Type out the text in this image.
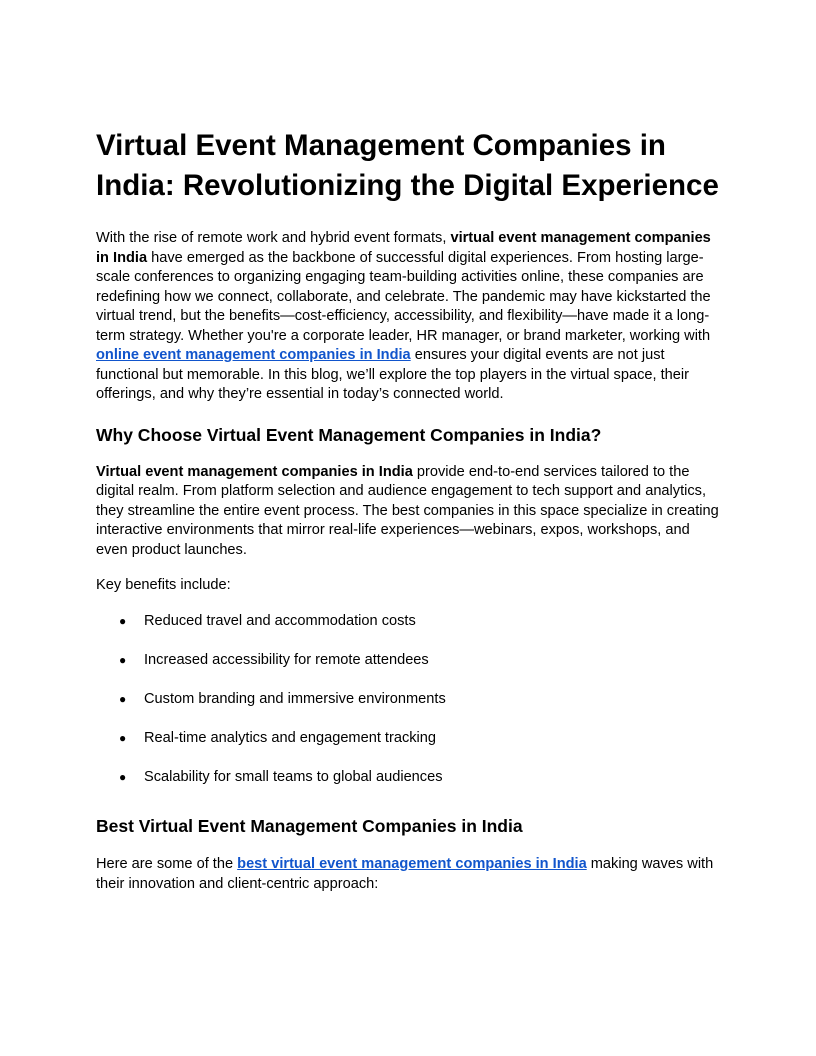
Virtual Event Management Companies in India: Revolutionizing the Digital Experience

With the rise of remote work and hybrid event formats, virtual event management companies in India have emerged as the backbone of successful digital experiences. From hosting large-scale conferences to organizing engaging team-building activities online, these companies are redefining how we connect, collaborate, and celebrate. The pandemic may have kickstarted the virtual trend, but the benefits—cost-efficiency, accessibility, and flexibility—have made it a long-term strategy. Whether you're a corporate leader, HR manager, or brand marketer, working with online event management companies in India ensures your digital events are not just functional but memorable. In this blog, we’ll explore the top players in the virtual space, their offerings, and why they’re essential in today’s connected world.

Why Choose Virtual Event Management Companies in India?

Virtual event management companies in India provide end-to-end services tailored to the digital realm. From platform selection and audience engagement to tech support and analytics, they streamline the entire event process. The best companies in this space specialize in creating interactive environments that mirror real-life experiences—webinars, expos, workshops, and even product launches.

Key benefits include:

● Reduced travel and accommodation costs
● Increased accessibility for remote attendees
● Custom branding and immersive environments
● Real-time analytics and engagement tracking
● Scalability for small teams to global audiences
Best Virtual Event Management Companies in India

Here are some of the best virtual event management companies in India making waves with their innovation and client-centric approach:
